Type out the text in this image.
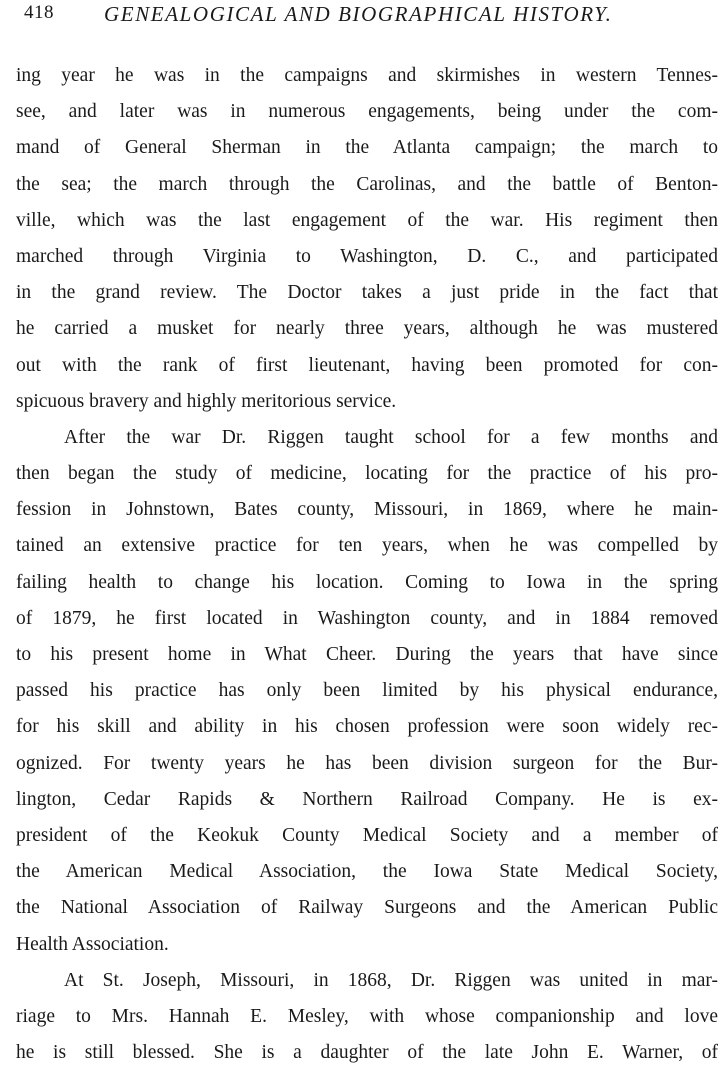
418 GENEALOGICAL AND BIOGRAPHICAL HISTORY.
ing year he was in the campaigns and skirmishes in western Tennes-
see, and later was in numerous engagements, being under the com-
mand of General Sherman in the Atlanta campaign; the march to
the sea; the march through the Carolinas, and the battle of Benton-
ville, which was the last engagement of the war. His regiment then
marched through Virginia to Washington, D. C., and participated
in the grand review. The Doctor takes a just pride in the fact that
he carried a musket for nearly three years, although he was mustered
out with the rank of first lieutenant, having been promoted for con-
spicuous bravery and highly meritorious service.
After the war Dr. Riggen taught school for a few months and
then began the study of medicine, locating for the practice of his pro-
fession in Johnstown, Bates county, Missouri, in 1869, where he main-
tained an extensive practice for ten years, when he was compelled by
failing health to change his location. Coming to Iowa in the spring
of 1879, he first located in Washington county, and in 1884 removed
to his present home in What Cheer. During the years that have since
passed his practice has only been limited by his physical endurance,
for his skill and ability in his chosen profession were soon widely rec-
ognized. For twenty years he has been division surgeon for the Bur-
lington, Cedar Rapids & Northern Railroad Company. He is ex-
president of the Keokuk County Medical Society and a member of
the American Medical Association, the Iowa State Medical Society,
the National Association of Railway Surgeons and the American Public
Health Association.
At St. Joseph, Missouri, in 1868, Dr. Riggen was united in mar-
riage to Mrs. Hannah E. Mesley, with whose companionship and love
he is still blessed. She is a daughter of the late John E. Warner, of
